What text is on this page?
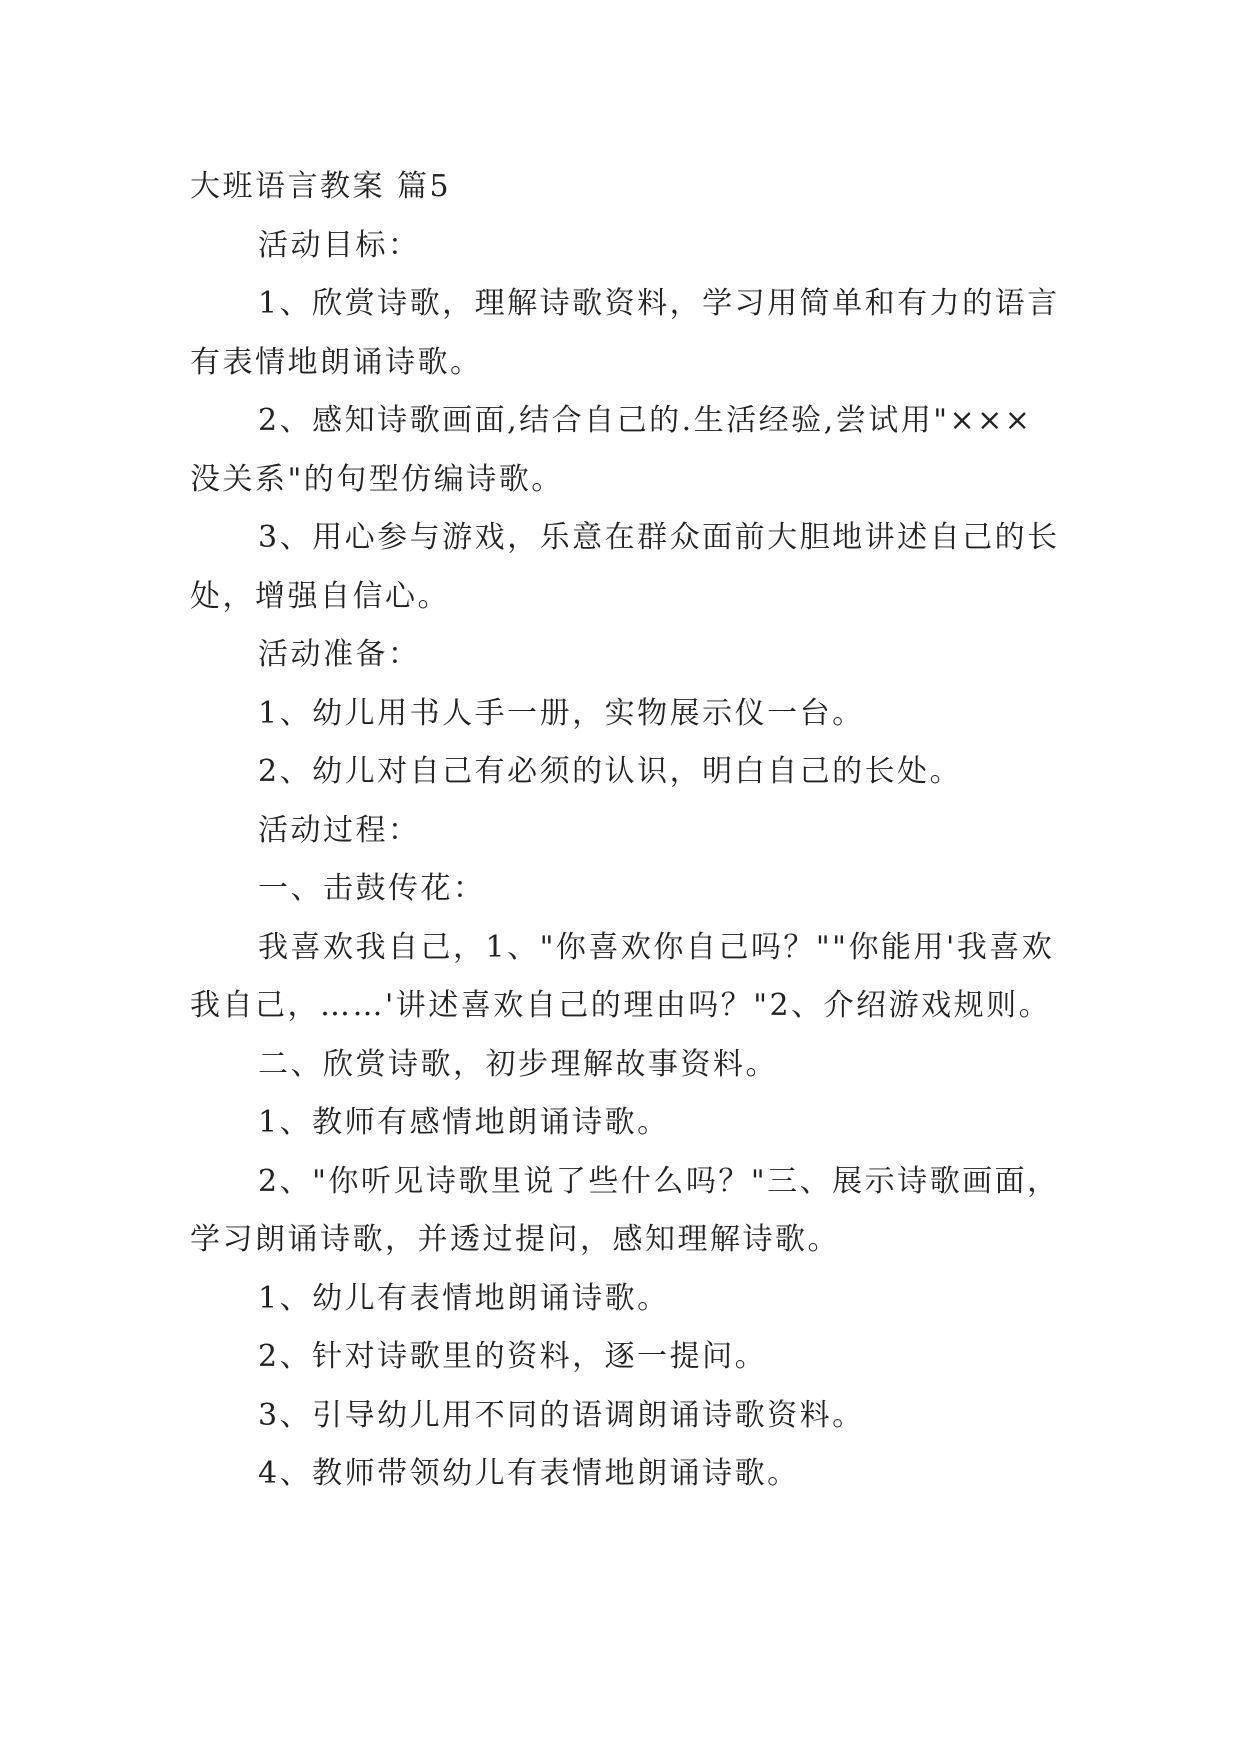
大班语言教案 篇5

活动目标：

1、欣赏诗歌，理解诗歌资料，学习用简单和有力的语言有表情地朗诵诗歌。

2、感知诗歌画面,结合自己的.生活经验,尝试用"×××没关系"的句型仿编诗歌。

3、用心参与游戏，乐意在群众面前大胆地讲述自己的长处，增强自信心。

活动准备：

1、幼儿用书人手一册，实物展示仪一台。

2、幼儿对自己有必须的认识，明白自己的长处。

活动过程：

一、击鼓传花：

我喜欢我自己，1、"你喜欢你自己吗？""你能用'我喜欢我自己，……'讲述喜欢自己的理由吗？"2、介绍游戏规则。

二、欣赏诗歌，初步理解故事资料。

1、教师有感情地朗诵诗歌。

2、"你听见诗歌里说了些什么吗？"三、展示诗歌画面，学习朗诵诗歌，并透过提问，感知理解诗歌。

1、幼儿有表情地朗诵诗歌。

2、针对诗歌里的资料，逐一提问。

3、引导幼儿用不同的语调朗诵诗歌资料。

4、教师带领幼儿有表情地朗诵诗歌。
